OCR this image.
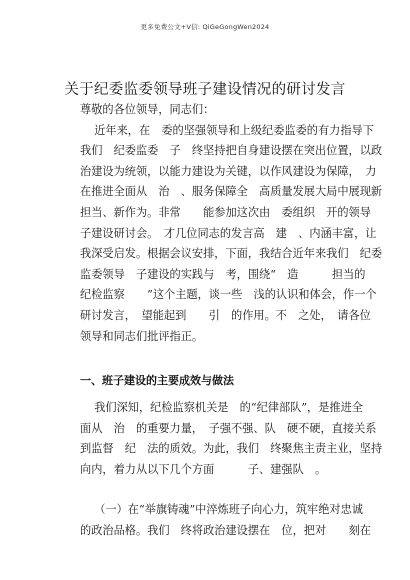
更多免费公文+V信: QiGeGongWen2024
关于纪委监委领导班子建设情况的研讨发言
尊敬的各位领导，同志们：
近年来，在　委的坚强领导和上级纪委监委的有力指导下
我们　纪委监委　子　终坚持把自身建设摆在突出位置，以政
治建设为统领，以能力建设为关键，以作风建设为保障，　力
在推进全面从　治　、服务保障全　高质量发展大局中展现新
担当、新作为。非常　　能参加这次由　委组织　开的领导
子建设研讨会。　才几位同志的发言高　建　、内涵丰富，让
我深受启发。根据会议安排，下面，我结合近年来我们　纪委
监委领导　子建设的实践与　考，围绕“　造　　　担当的
纪检监察　　”这个主题，谈一些　浅的认识和体会，作一个
研讨发言，　望能起到　　引　的作用。不　之处，　请各位
领导和同志们批评指正。
一、班子建设的主要成效与做法
我们深知，纪检监察机关是　的“纪律部队”，是推进全
面从　治　的重要力量，　子强不强、队　硬不硬，直接关系
到监督　纪　法的质效。为此，我们　终聚焦主责主业，坚持
向内，着力从以下几个方面　　　子、建强队　。
（一）在“举旗铸魂”中淬炼班子向心力，筑牢绝对忠诚
的政治品格。我们　终将政治建设摆在　位，把对　　刻在
